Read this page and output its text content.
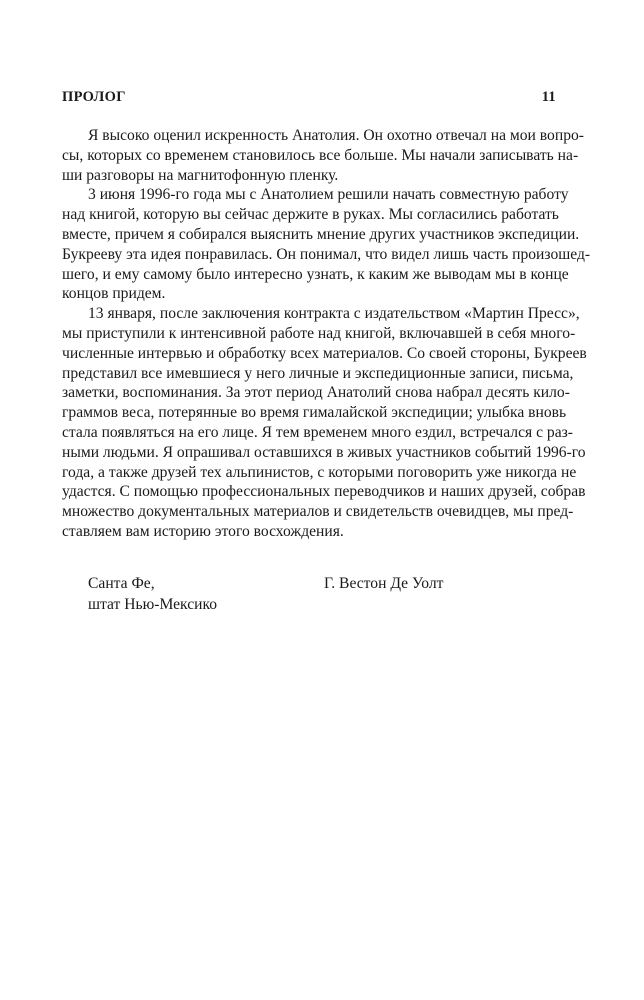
ПРОЛОГ	11

Я высоко оценил искренность Анатолия. Он охотно отвечал на мои вопро-
сы, которых со временем становилось все больше. Мы начали записывать на-
ши разговоры на магнитофонную пленку.

3 июня 1996-го года мы с Анатолием решили начать совместную работу
над книгой, которую вы сейчас держите в руках. Мы согласились работать
вместе, причем я собирался выяснить мнение других участников экспедиции.
Букрееву эта идея понравилась. Он понимал, что видел лишь часть произошед-
шего, и ему самому было интересно узнать, к каким же выводам мы в конце
концов придем.

13 января, после заключения контракта с издательством «Мартин Пресс»,
мы приступили к интенсивной работе над книгой, включавшей в себя много-
численные интервью и обработку всех материалов. Со своей стороны, Букреев
представил все имевшиеся у него личные и экспедиционные записи, письма,
заметки, воспоминания. За этот период Анатолий снова набрал десять кило-
граммов веса, потерянные во время гималайской экспедиции; улыбка вновь
стала появляться на его лице. Я тем временем много ездил, встречался с раз-
ными людьми. Я опрашивал оставшихся в живых участников событий 1996-го
года, а также друзей тех альпинистов, с которыми поговорить уже никогда не
удастся. С помощью профессиональных переводчиков и наших друзей, собрав
множество документальных материалов и свидетельств очевидцев, мы пред-
ставляем вам историю этого восхождения.

Санта Фе,
штат Нью-Мексико
Г. Вестон Де Уолт
